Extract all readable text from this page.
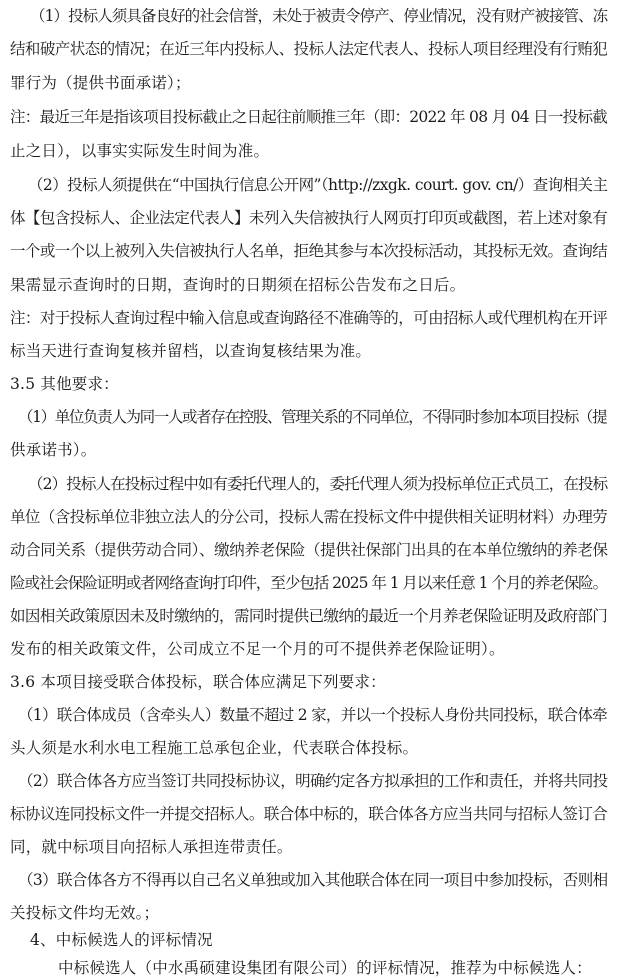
（1）投标人须具备良好的社会信誉，未处于被责令停产、停业情况，没有财产被接管、冻
结和破产状态的情况；在近三年内投标人、投标人法定代表人、投标人项目经理没有行贿犯
罪行为（提供书面承诺）；
注：最近三年是指该项目投标截止之日起往前顺推三年（即：2022 年 08 月 04 日一投标截
止之日），以事实实际发生时间为准。
（2）投标人须提供在“中国执行信息公开网”（http://zxgk. court. gov. cn/）查询相关主
体【包含投标人、企业法定代表人】未列入失信被执行人网页打印页或截图，若上述对象有
一个或一个以上被列入失信被执行人名单，拒绝其参与本次投标活动，其投标无效。查询结
果需显示查询时的日期，查询时的日期须在招标公告发布之日后。
注：对于投标人查询过程中输入信息或查询路径不准确等的，可由招标人或代理机构在开评
标当天进行查询复核并留档，以查询复核结果为准。
3.5 其他要求：
（1）单位负责人为同一人或者存在控股、管理关系的不同单位，不得同时参加本项目投标（提
供承诺书）。
（2）投标人在投标过程中如有委托代理人的，委托代理人须为投标单位正式员工，在投标
单位（含投标单位非独立法人的分公司，投标人需在投标文件中提供相关证明材料）办理劳
动合同关系（提供劳动合同）、缴纳养老保险（提供社保部门出具的在本单位缴纳的养老保
险或社会保险证明或者网络查询打印件，至少包括 2025 年 1 月以来任意 1 个月的养老保险。
如因相关政策原因未及时缴纳的，需同时提供已缴纳的最近一个月养老保险证明及政府部门
发布的相关政策文件，公司成立不足一个月的可不提供养老保险证明）。
3.6 本项目接受联合体投标，联合体应满足下列要求：
（1）联合体成员（含牵头人）数量不超过 2 家，并以一个投标人身份共同投标，联合体牵
头人须是水利水电工程施工总承包企业，代表联合体投标。
（2）联合体各方应当签订共同投标协议，明确约定各方拟承担的工作和责任，并将共同投
标协议连同投标文件一并提交招标人。联合体中标的，联合体各方应当共同与招标人签订合
同，就中标项目向招标人承担连带责任。
（3）联合体各方不得再以自己名义单独或加入其他联合体在同一项目中参加投标，否则相
关投标文件均无效。；
4、中标候选人的评标情况
中标候选人（中水禹硕建设集团有限公司）的评标情况，推荐为中标候选人：
